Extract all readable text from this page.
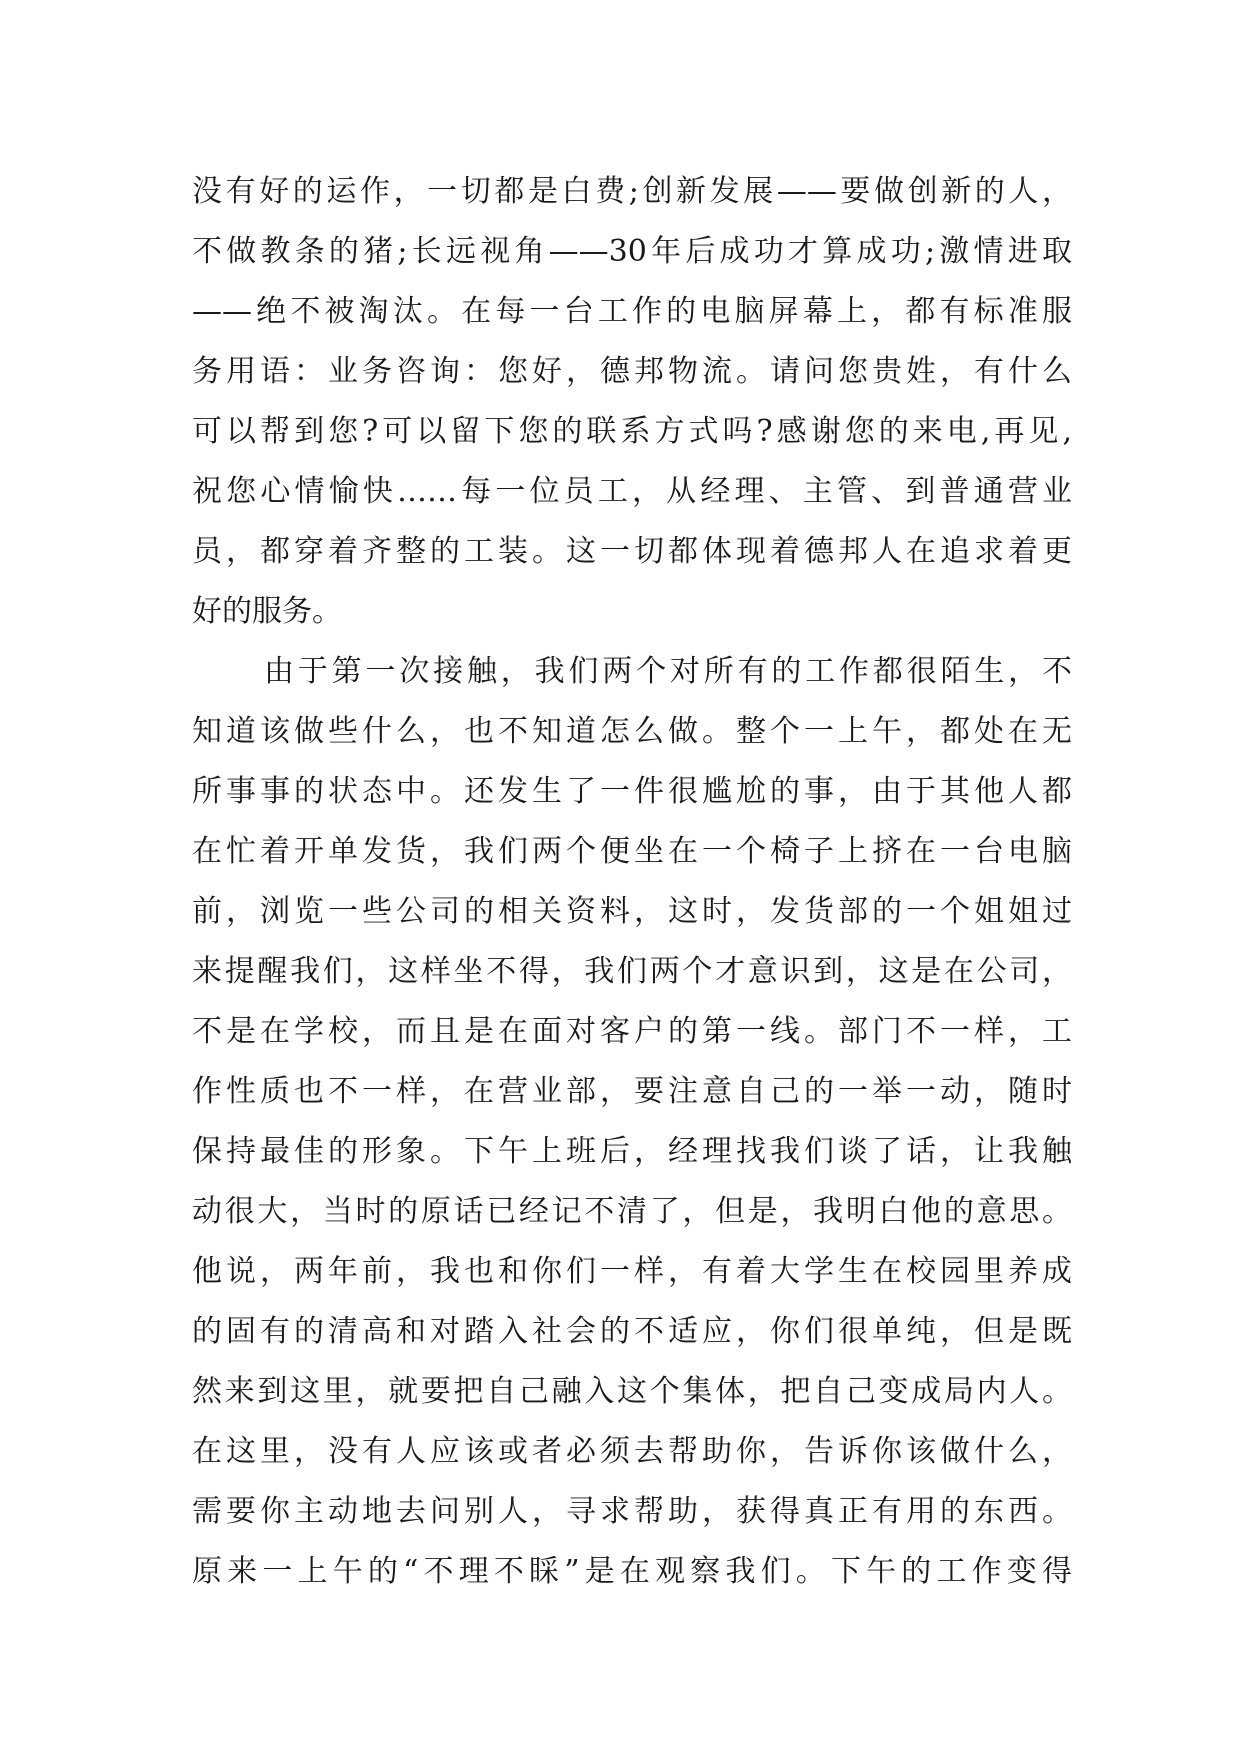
没有好的运作，一切都是白费;创新发展——要做创新的人，
不做教条的猪;长远视角——30年后成功才算成功;激情进取
——绝不被淘汰。在每一台工作的电脑屏幕上，都有标准服
务用语：业务咨询：您好，德邦物流。请问您贵姓，有什么
可以帮到您?可以留下您的联系方式吗?感谢您的来电,再见,
祝您心情愉快……每一位员工，从经理、主管、到普通营业
员，都穿着齐整的工装。这一切都体现着德邦人在追求着更
好的服务。
由于第一次接触，我们两个对所有的工作都很陌生，不
知道该做些什么，也不知道怎么做。整个一上午，都处在无
所事事的状态中。还发生了一件很尴尬的事，由于其他人都
在忙着开单发货，我们两个便坐在一个椅子上挤在一台电脑
前，浏览一些公司的相关资料，这时，发货部的一个姐姐过
来提醒我们，这样坐不得，我们两个才意识到，这是在公司，
不是在学校，而且是在面对客户的第一线。部门不一样，工
作性质也不一样，在营业部，要注意自己的一举一动，随时
保持最佳的形象。下午上班后，经理找我们谈了话，让我触
动很大，当时的原话已经记不清了，但是，我明白他的意思。
他说，两年前，我也和你们一样，有着大学生在校园里养成
的固有的清高和对踏入社会的不适应，你们很单纯，但是既
然来到这里，就要把自己融入这个集体，把自己变成局内人。
在这里，没有人应该或者必须去帮助你，告诉你该做什么，
需要你主动地去问别人，寻求帮助，获得真正有用的东西。
原来一上午的“不理不睬”是在观察我们。下午的工作变得
